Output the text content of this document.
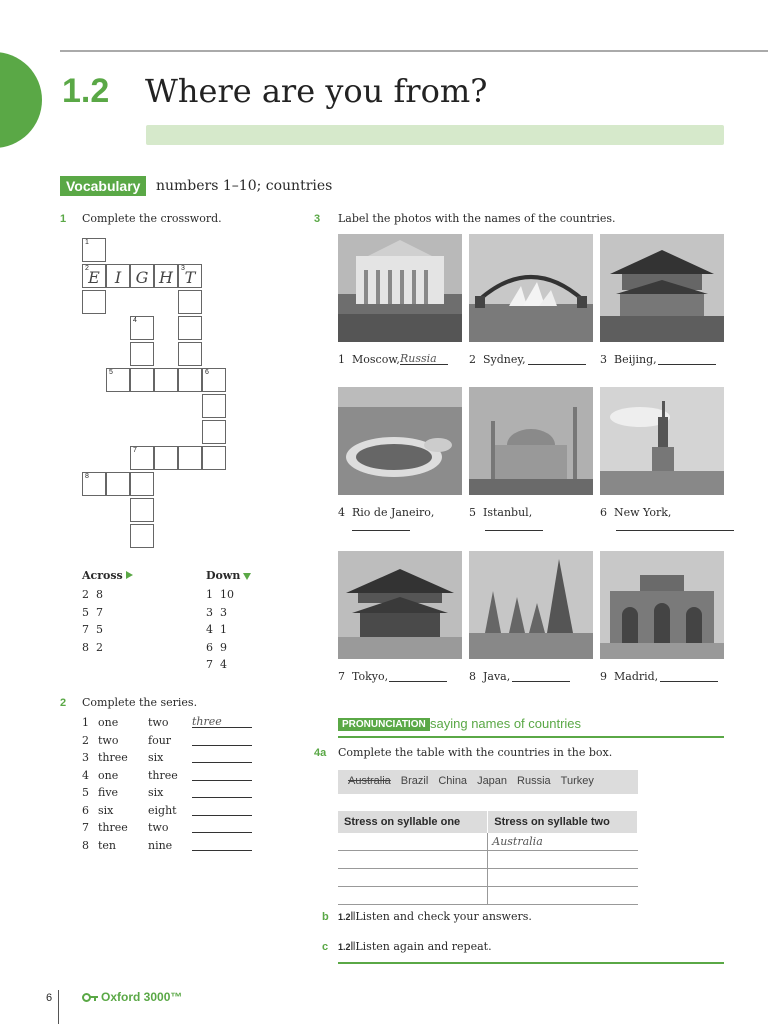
1.2 Where are you from?
Vocabulary	numbers 1–10; countries
1 Complete the crossword.
1
2 E I G H	3 T
4
5	6
7
8
Across	Down
2 8
5 7
7 5
8 2
1 10
3 3
4 1
6 9
7 4
2 Complete the series.
1 one	two three
2 two	four
3 three six
4 one	three
5 five	six
6 six	eight
7 three two
8 ten	nine
3 Label the photos with the names of the countries.
1 Moscow, Russia	2 Sydney,	3 Beijing,
4 Rio de Janeiro,	5 Istanbul,	6 New York,
7 Tokyo,	8 Java,	9 Madrid,
PRONUNCIATION saying names of countries
4a Complete the table with the countries in the box.
Australia Brazil China Japan Russia Turkey
Stress on syllable one	Stress on syllable two
	Australia

b 1.2⦀Listen and check your answers.
c 1.2⦀Listen again and repeat.
6	Oxford 3000™
